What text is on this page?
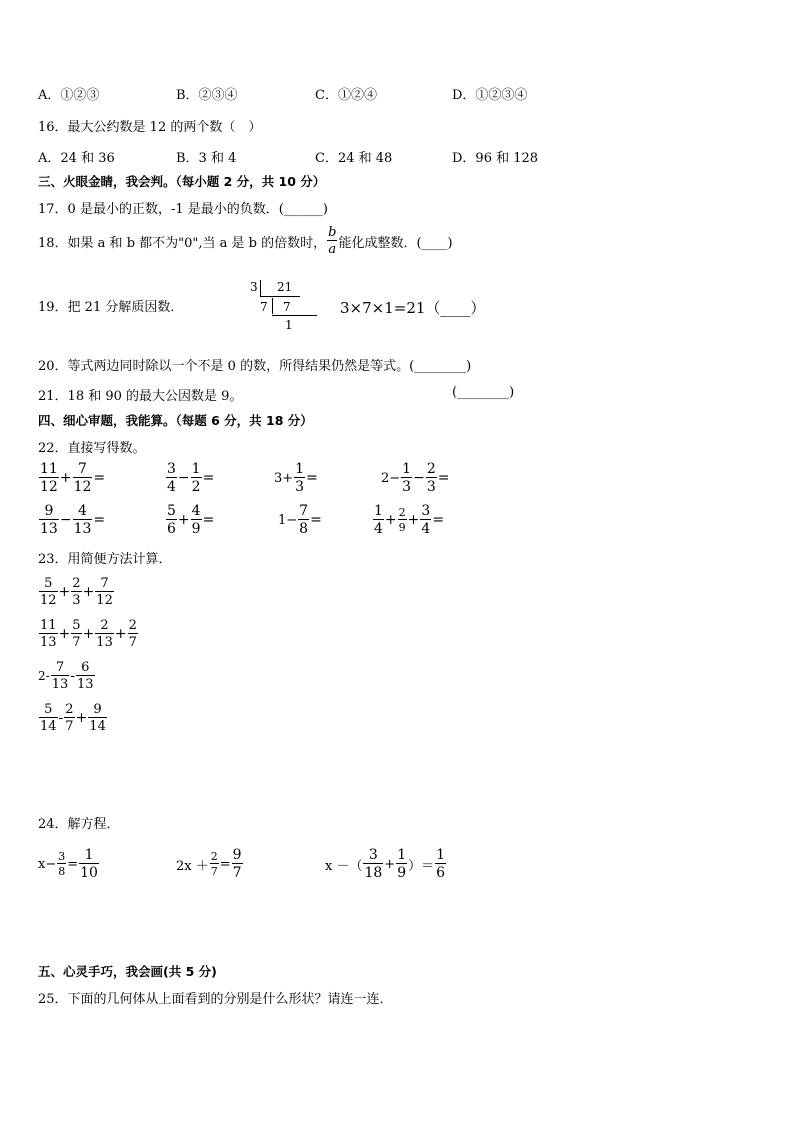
A．①②③	B．②③④	C．①②④	D．①②③④
16．最大公约数是 12 的两个数（　）
A．24 和 36	B．3 和 4	C．24 和 48	D．96 和 128
三、火眼金睛，我会判。（每小题 2 分，共 10 分）
17．0 是最小的正数，-1 是最小的负数．(______)
18．如果 a 和 b 都不为"0",当 a 是 b 的倍数时， $\frac{b}{a}$ 能化成整数．(____)
19．把 21 分解质因数．
3 21
7 7
1
3×7×1=21（____）
20．等式两边同时除以一个不是 0 的数，所得结果仍然是等式。(________)
21．18 和 90 的最大公因数是 9。	(________)
四、细心审题，我能算。（每题 6 分，共 18 分）
22．直接写得数。
$\frac{11}{12} + \frac{7}{12}$ =	$\frac{3}{4} - \frac{1}{2}$ =	$3+ \frac{1}{3}$ =	$2- \frac{1}{3} - \frac{2}{3}$ =
$\frac{9}{13} - \frac{4}{13}$ =	$\frac{5}{6} + \frac{4}{9}$ =	$1- \frac{7}{8}$ =	$\frac{1}{4} + \frac{2}{9} + \frac{3}{4}$ =
23．用简便方法计算．
$\frac{5}{12} + \frac{2}{3} + \frac{7}{12}$
$\frac{11}{13} + \frac{5}{7} + \frac{2}{13} + \frac{2}{7}$
$2- \frac{7}{13} - \frac{6}{13}$
$\frac{5}{14} - \frac{2}{7} + \frac{9}{14}$
24．解方程．
$x- \frac{3}{8} = \frac{1}{10}$	$2x + \frac{2}{7} = \frac{9}{7}$	x －（ $\frac{3}{18} + \frac{1}{9}$ ）＝ $\frac{1}{6}$
五、心灵手巧，我会画(共 5 分)
25．下面的几何体从上面看到的分别是什么形状？请连一连．
